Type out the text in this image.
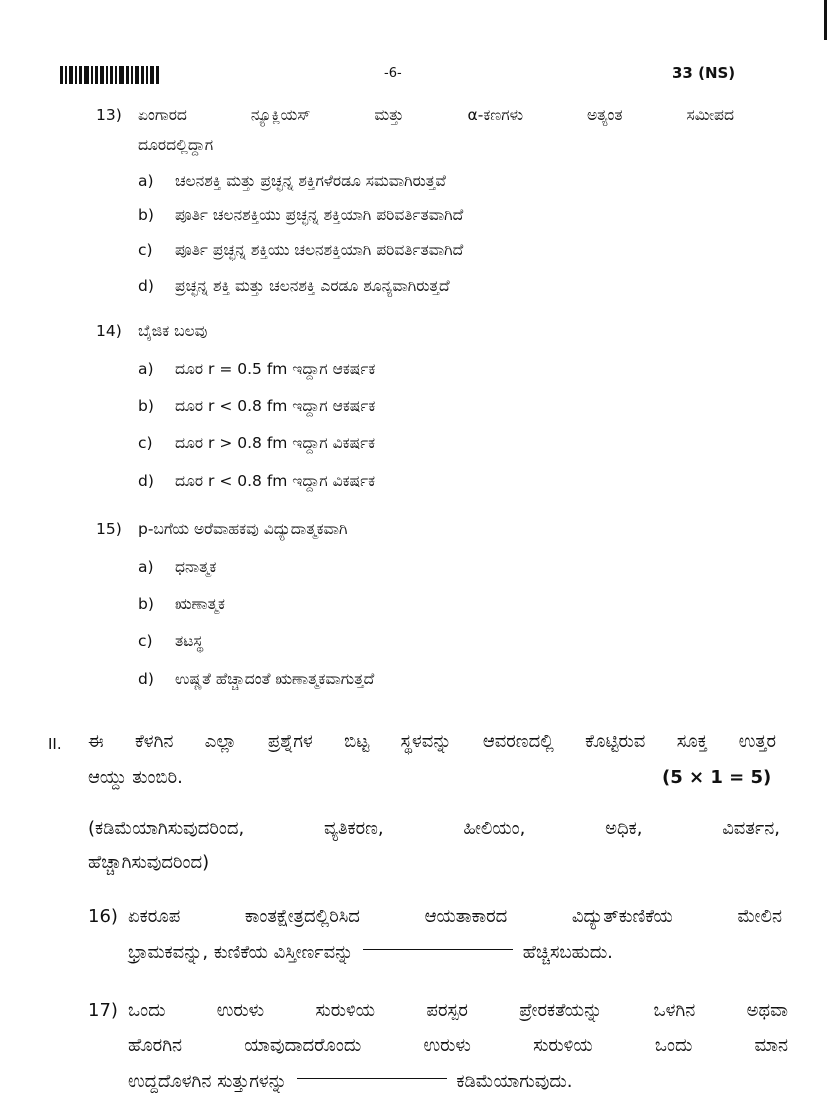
-6-	33 (NS)
13) ಏಂಗಾರದ	ನ್ಯೂಕ್ಲಿಯಸ್	ಮತ್ತು	α-ಕಣಗಳು	ಅತ್ಯಂತ	ಸಮೀಪದ
ದೂರದಲ್ಲಿದ್ದಾಗ
a) ಚಲನಶಕ್ತಿ ಮತ್ತು ಪ್ರಚ್ಛನ್ನ ಶಕ್ತಿಗಳೆರಡೂ ಸಮವಾಗಿರುತ್ತವೆ
b) ಪೂರ್ತಿ ಚಲನಶಕ್ತಿಯು ಪ್ರಚ್ಛನ್ನ ಶಕ್ತಿಯಾಗಿ ಪರಿವರ್ತಿತವಾಗಿದೆ
c) ಪೂರ್ತಿ ಪ್ರಚ್ಛನ್ನ ಶಕ್ತಿಯು ಚಲನಶಕ್ತಿಯಾಗಿ ಪರಿವರ್ತಿತವಾಗಿದೆ
d) ಪ್ರಚ್ಛನ್ನ ಶಕ್ತಿ ಮತ್ತು ಚಲನಶಕ್ತಿ ಎರಡೂ ಶೂನ್ಯವಾಗಿರುತ್ತದೆ
14) ಬೈಜಿಕ ಬಲವು
a) ದೂರ r = 0.5 fm ಇದ್ದಾಗ ಆಕರ್ಷಕ
b) ದೂರ r < 0.8 fm ಇದ್ದಾಗ ಆಕರ್ಷಕ
c) ದೂರ r > 0.8 fm ಇದ್ದಾಗ ವಿಕರ್ಷಕ
d) ದೂರ r < 0.8 fm ಇದ್ದಾಗ ವಿಕರ್ಷಕ
15) p-ಬಗೆಯ ಅರೆವಾಹಕವು ವಿದ್ಯುದಾತ್ಮಕವಾಗಿ
a) ಧನಾತ್ಮಕ
b) ಋಣಾತ್ಮಕ
c) ತಟಸ್ಥ
d) ಉಷ್ಣತೆ ಹೆಚ್ಚಾದಂತೆ ಋಣಾತ್ಮಕವಾಗುತ್ತದೆ
II. ಈ ಕೆಳಗಿನ ಎಲ್ಲಾ ಪ್ರಶ್ನೆಗಳ ಬಿಟ್ಟ ಸ್ಥಳವನ್ನು ಆವರಣದಲ್ಲಿ ಕೊಟ್ಟಿರುವ ಸೂಕ್ತ ಉತ್ತರ
ಆಯ್ದು ತುಂಬಿರಿ.	(5 × 1 = 5)
(ಕಡಿಮೆಯಾಗಿಸುವುದರಿಂದ,	ವ್ಯತಿಕರಣ,	ಹೀಲಿಯಂ,	ಅಧಿಕ,	ವಿವರ್ತನ,
ಹೆಚ್ಚಾಗಿಸುವುದರಿಂದ)
16) ಏಕರೂಪ	ಕಾಂತಕ್ಷೇತ್ರದಲ್ಲಿರಿಸಿದ	ಆಯತಾಕಾರದ	ವಿದ್ಯುತ್‌ಕುಣಿಕೆಯ	ಮೇಲಿನ
ಭ್ರಾಮಕವನ್ನು, ಕುಣಿಕೆಯ ವಿಸ್ತೀರ್ಣವನ್ನು	ಹೆಚ್ಚಿಸಬಹುದು.
17) ಒಂದು	ಉರುಳು	ಸುರುಳಿಯ	ಪರಸ್ಪರ	ಪ್ರೇರಕತೆಯನ್ನು	ಒಳಗಿನ	ಅಥವಾ
ಹೊರಗಿನ	ಯಾವುದಾದರೊಂದು	ಉರುಳು	ಸುರುಳಿಯ	ಒಂದು	ಮಾನ
ಉದ್ದದೊಳಗಿನ ಸುತ್ತುಗಳನ್ನು	ಕಡಿಮೆಯಾಗುವುದು.
